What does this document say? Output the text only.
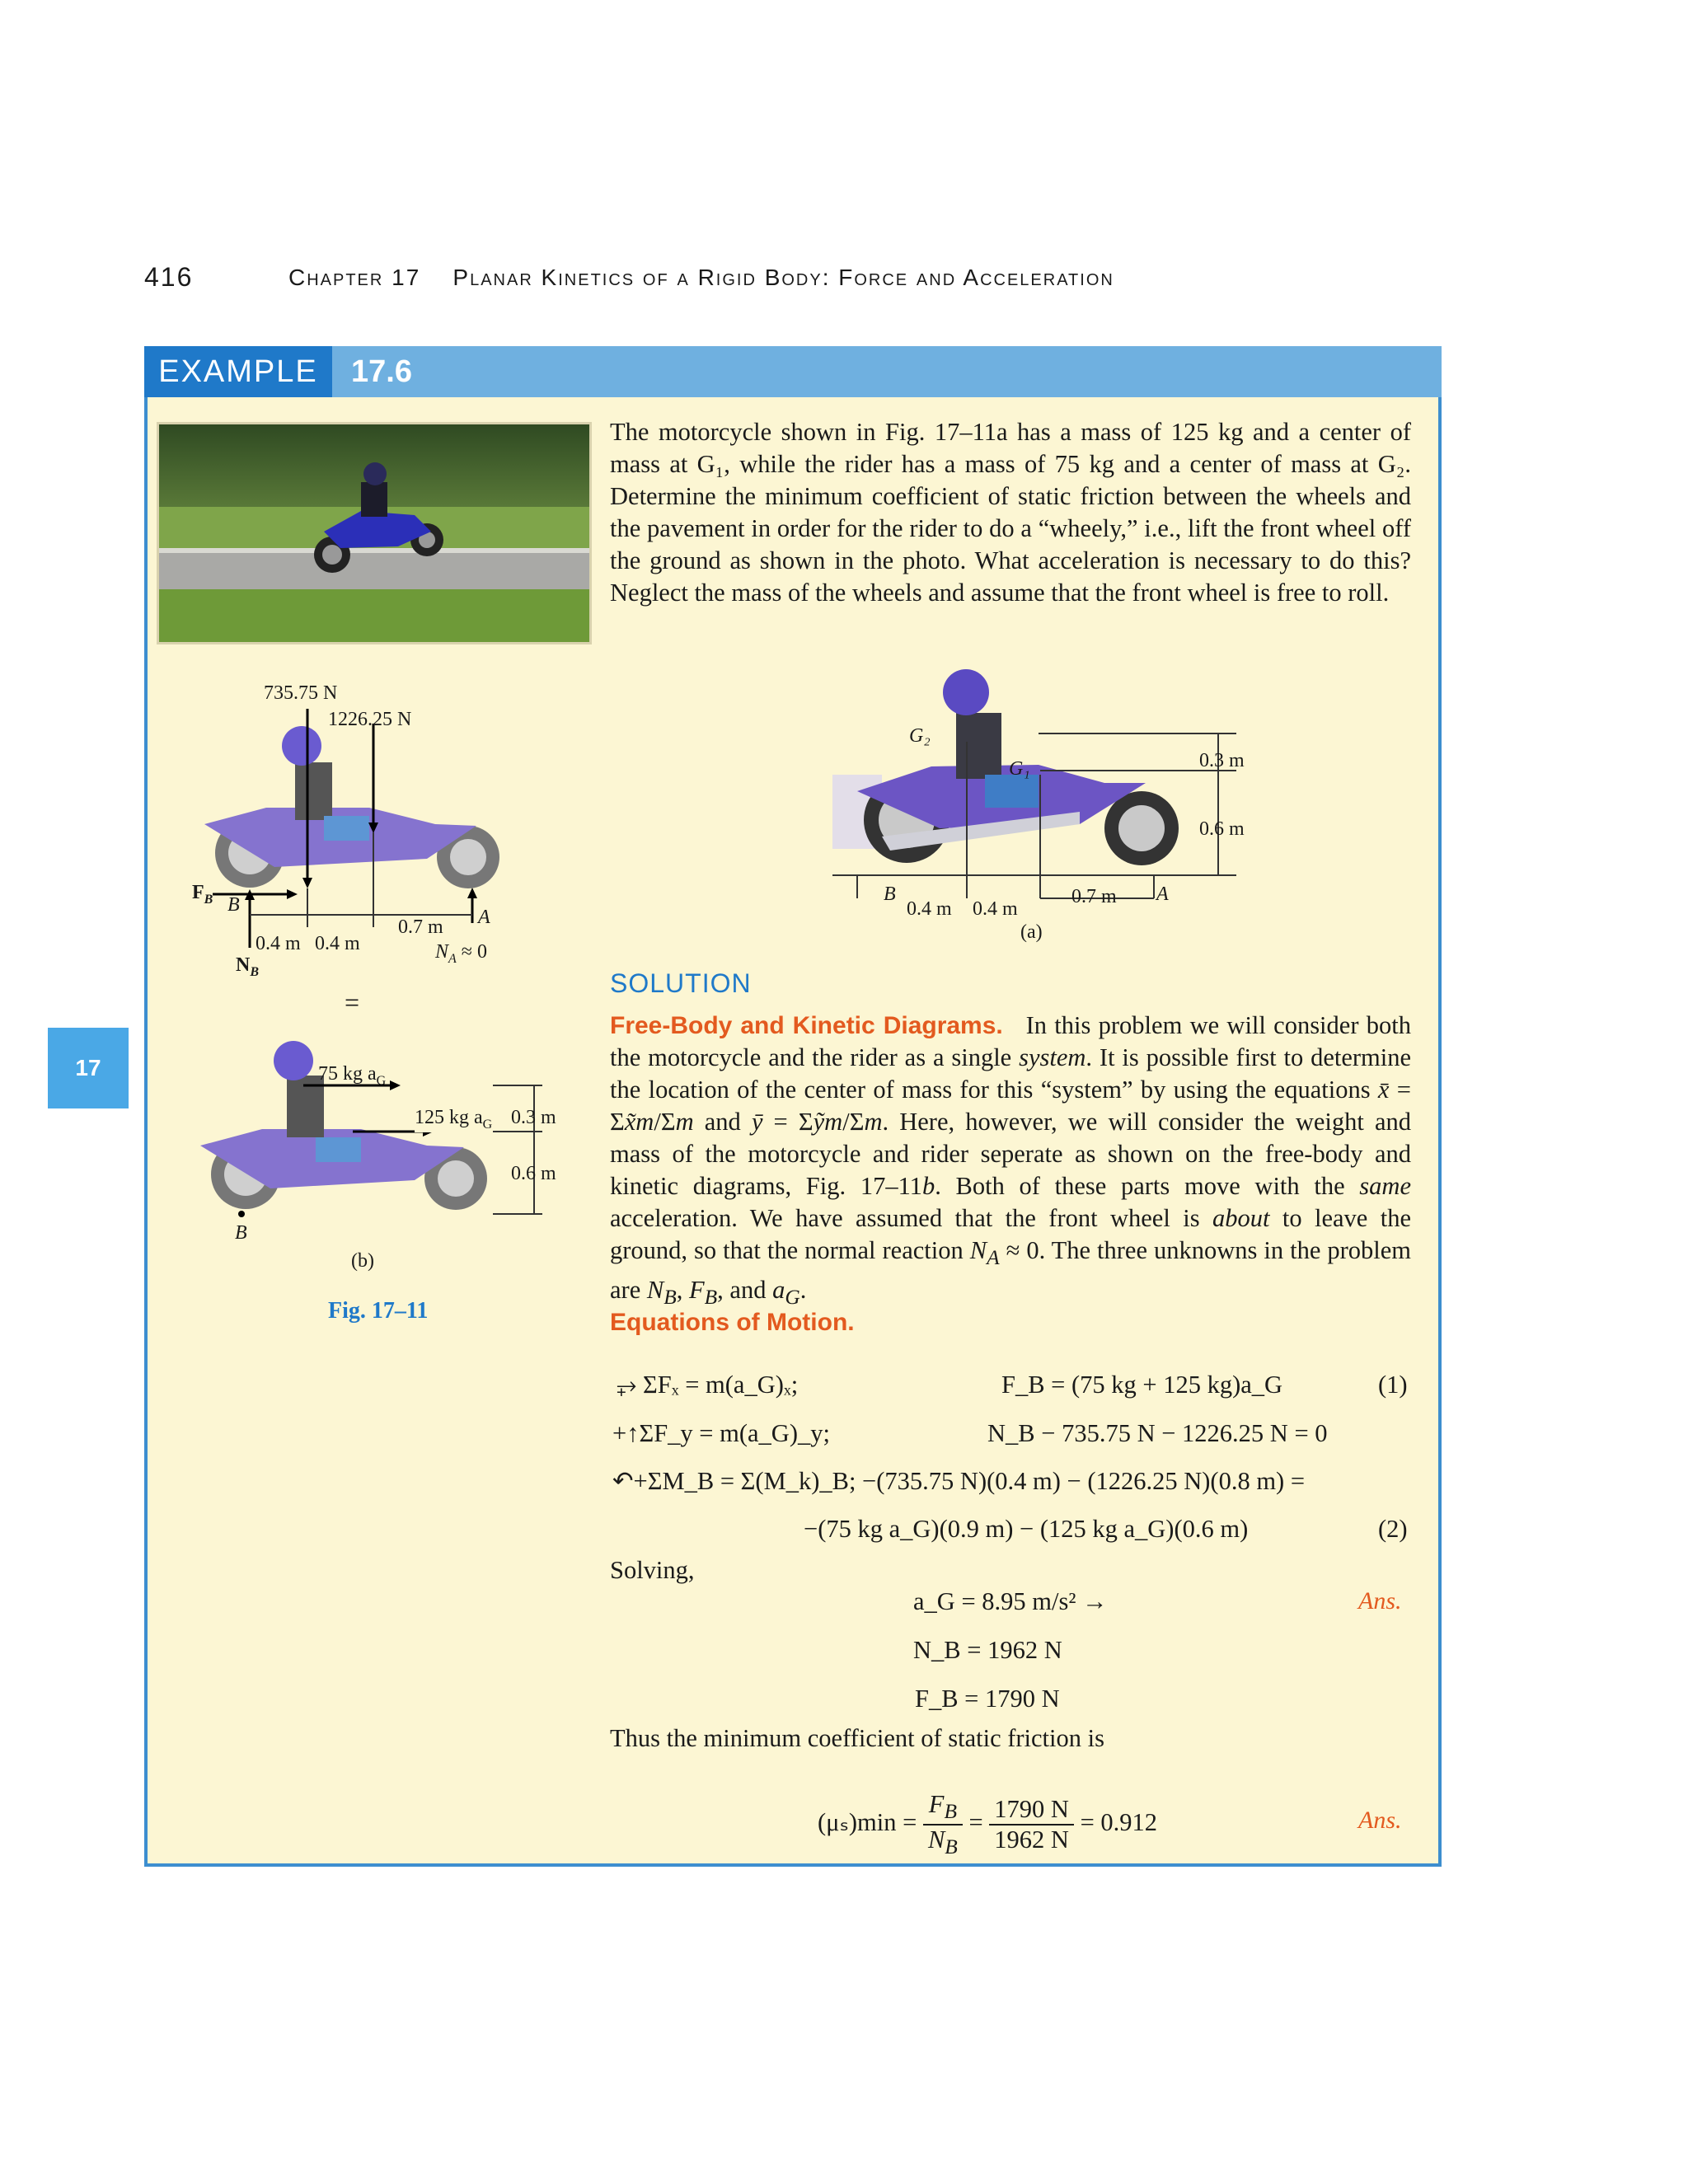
416	Chapter 17 Planar Kinetics of a Rigid Body: Force and Acceleration
EXAMPLE	17.6
17
The motorcycle shown in Fig. 17–11a has a mass of 125 kg and a center of mass at G₁, while the rider has a mass of 75 kg and a center of mass at G₂. Determine the minimum coefficient of static friction between the wheels and the pavement in order for the rider to do a “wheely,” i.e., lift the front wheel off the ground as shown in the photo. What acceleration is necessary to do this? Neglect the mass of the wheels and assume that the front wheel is free to roll.
G₂
G₁	0.3 m
0.6 m
B	A
0.4 m 0.4 m
0.7 m
(a)
735.75 N
1226.25 N
$F_B$ B
A
0.4 m 0.4 m
0.7 m
$N_B$
$N_A \approx 0$
=
75 kg $a_G$
125 kg $a_G$ 0.3 m
0.6 m
B
(b)
Fig. 17–11
SOLUTION
Free-Body and Kinetic Diagrams.   In this problem we will consider both the motorcycle and the rider as a single system. It is possible first to determine the location of the center of mass for this “system” by using the equations x̄ = Σx̃m/Σm and ȳ = Σỹm/Σm. Here, however, we will consider the weight and mass of the motorcycle and rider seperate as shown on the free-body and kinetic diagrams, Fig. 17–11b. Both of these parts move with the same acceleration. We have assumed that the front wheel is about to leave the ground, so that the normal reaction $N_A \approx 0$. The three unknowns in the problem are $N_B$, $F_B$, and $a_G$.
Equations of Motion.
⥅ ΣFₓ = m(a_G)ₓ;	F_B = (75 kg + 125 kg)a_G	(1)
+↑ΣF_y = m(a_G)_y;	N_B − 735.75 N − 1226.25 N = 0
↶+ΣM_B = Σ(M_k)_B; −(735.75 N)(0.4 m) − (1226.25 N)(0.8 m) =
−(75 kg a_G)(0.9 m) − (125 kg a_G)(0.6 m)	(2)
Solving,
a_G = 8.95 m/s² →	Ans.
N_B = 1962 N
F_B = 1790 N
Thus the minimum coefficient of static friction is
$(\mu_s)\min = \frac{F_B}{N_B} = \frac{1790 N}{1962 N} = 0.912$	Ans.
